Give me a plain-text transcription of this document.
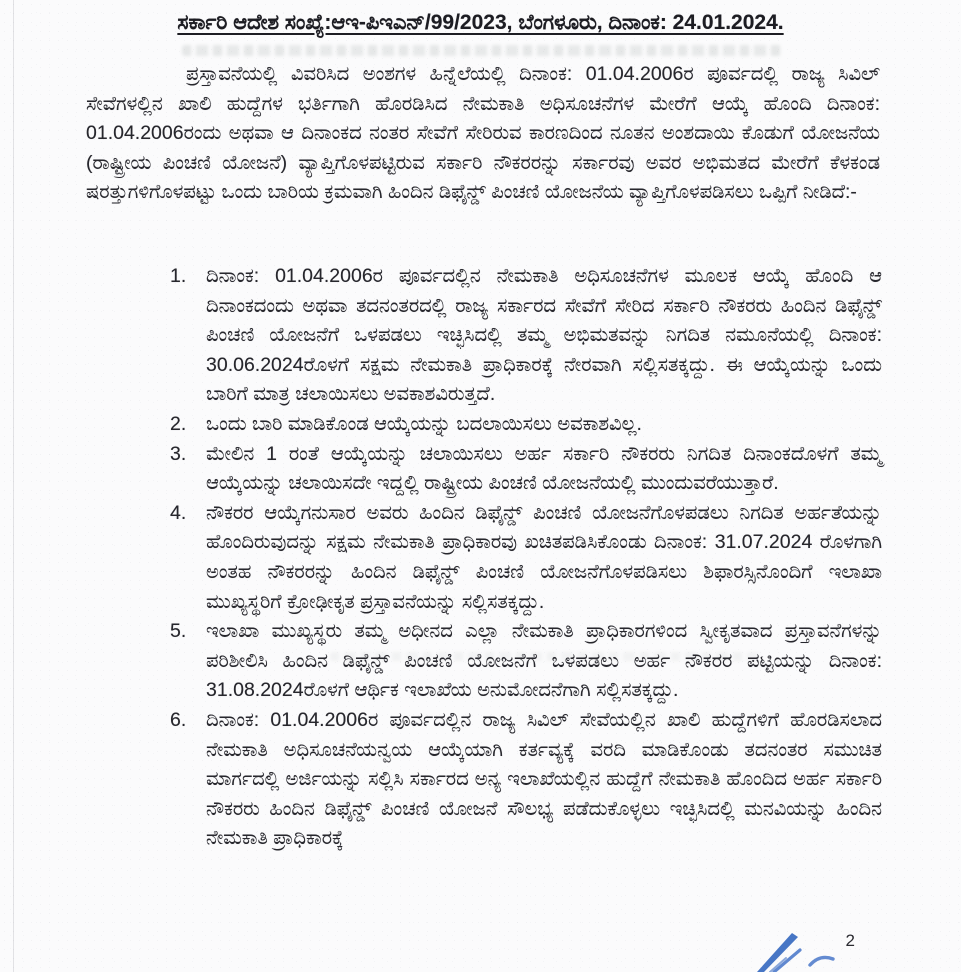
ಸರ್ಕಾರಿ ಆದೇಶ ಸಂಖ್ಯೆ:ಆಇ-ಪಿಇಎನ್/99/2023, ಬೆಂಗಳೂರು, ದಿನಾಂಕ: 24.01.2024.

ಪ್ರಸ್ತಾವನೆಯಲ್ಲಿ ವಿವರಿಸಿದ ಅಂಶಗಳ ಹಿನ್ನೆಲೆಯಲ್ಲಿ ದಿನಾಂಕ: 01.04.2006ರ ಪೂರ್ವದಲ್ಲಿ ರಾಜ್ಯ ಸಿವಿಲ್ ಸೇವೆಗಳಲ್ಲಿನ ಖಾಲಿ ಹುದ್ದೆಗಳ ಭರ್ತಿಗಾಗಿ ಹೊರಡಿಸಿದ ನೇಮಕಾತಿ ಅಧಿಸೂಚನೆಗಳ ಮೇರೆಗೆ ಆಯ್ಕೆ ಹೊಂದಿ ದಿನಾಂಕ: 01.04.2006ರಂದು ಅಥವಾ ಆ ದಿನಾಂಕದ ನಂತರ ಸೇವೆಗೆ ಸೇರಿರುವ ಕಾರಣದಿಂದ ನೂತನ ಅಂಶದಾಯಿ ಕೊಡುಗೆ ಯೋಜನೆಯ (ರಾಷ್ಟ್ರೀಯ ಪಿಂಚಣಿ ಯೋಜನೆ) ವ್ಯಾಪ್ತಿಗೊಳಪಟ್ಟಿರುವ ಸರ್ಕಾರಿ ನೌಕರರನ್ನು ಸರ್ಕಾರವು ಅವರ ಅಭಿಮತದ ಮೇರೆಗೆ ಕೆಳಕಂಡ ಷರತ್ತುಗಳಿಗೊಳಪಟ್ಟು ಒಂದು ಬಾರಿಯ ಕ್ರಮವಾಗಿ ಹಿಂದಿನ ಡಿಫೈನ್ಡ್ ಪಿಂಚಣಿ ಯೋಜನೆಯ ವ್ಯಾಪ್ತಿಗೊಳಪಡಿಸಲು ಒಪ್ಪಿಗೆ ನೀಡಿದೆ:-

1. ದಿನಾಂಕ: 01.04.2006ರ ಪೂರ್ವದಲ್ಲಿನ ನೇಮಕಾತಿ ಅಧಿಸೂಚನೆಗಳ ಮೂಲಕ ಆಯ್ಕೆ ಹೊಂದಿ ಆ ದಿನಾಂಕದಂದು ಅಥವಾ ತದನಂತರದಲ್ಲಿ ರಾಜ್ಯ ಸರ್ಕಾರದ ಸೇವೆಗೆ ಸೇರಿದ ಸರ್ಕಾರಿ ನೌಕರರು ಹಿಂದಿನ ಡಿಫೈನ್ಡ್ ಪಿಂಚಣಿ ಯೋಜನೆಗೆ ಒಳಪಡಲು ಇಚ್ಛಿಸಿದಲ್ಲಿ ತಮ್ಮ ಅಭಿಮತವನ್ನು ನಿಗದಿತ ನಮೂನೆಯಲ್ಲಿ ದಿನಾಂಕ: 30.06.2024ರೊಳಗೆ ಸಕ್ಷಮ ನೇಮಕಾತಿ ಪ್ರಾಧಿಕಾರಕ್ಕೆ ನೇರವಾಗಿ ಸಲ್ಲಿಸತಕ್ಕದ್ದು. ಈ ಆಯ್ಕೆಯನ್ನು ಒಂದು ಬಾರಿಗೆ ಮಾತ್ರ ಚಲಾಯಿಸಲು ಅವಕಾಶವಿರುತ್ತದೆ.
2. ಒಂದು ಬಾರಿ ಮಾಡಿಕೊಂಡ ಆಯ್ಕೆಯನ್ನು ಬದಲಾಯಿಸಲು ಅವಕಾಶವಿಲ್ಲ.
3. ಮೇಲಿನ 1 ರಂತೆ ಆಯ್ಕೆಯನ್ನು ಚಲಾಯಿಸಲು ಅರ್ಹ ಸರ್ಕಾರಿ ನೌಕರರು ನಿಗದಿತ ದಿನಾಂಕದೊಳಗೆ ತಮ್ಮ ಆಯ್ಕೆಯನ್ನು ಚಲಾಯಿಸದೇ ಇದ್ದಲ್ಲಿ ರಾಷ್ಟ್ರೀಯ ಪಿಂಚಣಿ ಯೋಜನೆಯಲ್ಲಿ ಮುಂದುವರೆಯುತ್ತಾರೆ.
4. ನೌಕರರ ಆಯ್ಕೆಗನುಸಾರ ಅವರು ಹಿಂದಿನ ಡಿಫೈನ್ಡ್ ಪಿಂಚಣಿ ಯೋಜನೆಗೊಳಪಡಲು ನಿಗದಿತ ಅರ್ಹತೆಯನ್ನು ಹೊಂದಿರುವುದನ್ನು ಸಕ್ಷಮ ನೇಮಕಾತಿ ಪ್ರಾಧಿಕಾರವು ಖಚಿತಪಡಿಸಿಕೊಂಡು ದಿನಾಂಕ: 31.07.2024 ರೊಳಗಾಗಿ ಅಂತಹ ನೌಕರರನ್ನು ಹಿಂದಿನ ಡಿಫೈನ್ಡ್ ಪಿಂಚಣಿ ಯೋಜನೆಗೊಳಪಡಿಸಲು ಶಿಫಾರಸ್ಸಿನೊಂದಿಗೆ ಇಲಾಖಾ ಮುಖ್ಯಸ್ಥರಿಗೆ ಕ್ರೋಢೀಕೃತ ಪ್ರಸ್ತಾವನೆಯನ್ನು ಸಲ್ಲಿಸತಕ್ಕದ್ದು.
5. ಇಲಾಖಾ ಮುಖ್ಯಸ್ಥರು ತಮ್ಮ ಅಧೀನದ ಎಲ್ಲಾ ನೇಮಕಾತಿ ಪ್ರಾಧಿಕಾರಗಳಿಂದ ಸ್ವೀಕೃತವಾದ ಪ್ರಸ್ತಾವನೆಗಳನ್ನು ಪರಿಶೀಲಿಸಿ ಹಿಂದಿನ ಡಿಫೈನ್ಡ್ ಪಿಂಚಣಿ ಯೋಜನೆಗೆ ಒಳಪಡಲು ಅರ್ಹ ನೌಕರರ ಪಟ್ಟಿಯನ್ನು ದಿನಾಂಕ: 31.08.2024ರೊಳಗೆ ಆರ್ಥಿಕ ಇಲಾಖೆಯ ಅನುಮೋದನೆಗಾಗಿ ಸಲ್ಲಿಸತಕ್ಕದ್ದು.
6. ದಿನಾಂಕ: 01.04.2006ರ ಪೂರ್ವದಲ್ಲಿನ ರಾಜ್ಯ ಸಿವಿಲ್ ಸೇವೆಯಲ್ಲಿನ ಖಾಲಿ ಹುದ್ದೆಗಳಿಗೆ ಹೊರಡಿಸಲಾದ ನೇಮಕಾತಿ ಅಧಿಸೂಚನೆಯನ್ವಯ ಆಯ್ಕೆಯಾಗಿ ಕರ್ತವ್ಯಕ್ಕೆ ವರದಿ ಮಾಡಿಕೊಂಡು ತದನಂತರ ಸಮುಚಿತ ಮಾರ್ಗದಲ್ಲಿ ಅರ್ಜಿಯನ್ನು ಸಲ್ಲಿಸಿ ಸರ್ಕಾರದ ಅನ್ಯ ಇಲಾಖೆಯಲ್ಲಿನ ಹುದ್ದೆಗೆ ನೇಮಕಾತಿ ಹೊಂದಿದ ಅರ್ಹ ಸರ್ಕಾರಿ ನೌಕರರು ಹಿಂದಿನ ಡಿಫೈನ್ಡ್ ಪಿಂಚಣಿ ಯೋಜನೆ ಸೌಲಭ್ಯ ಪಡೆದುಕೊಳ್ಳಲು ಇಚ್ಛಿಸಿದಲ್ಲಿ ಮನವಿಯನ್ನು ಹಿಂದಿನ ನೇಮಕಾತಿ ಪ್ರಾಧಿಕಾರಕ್ಕೆ
2
